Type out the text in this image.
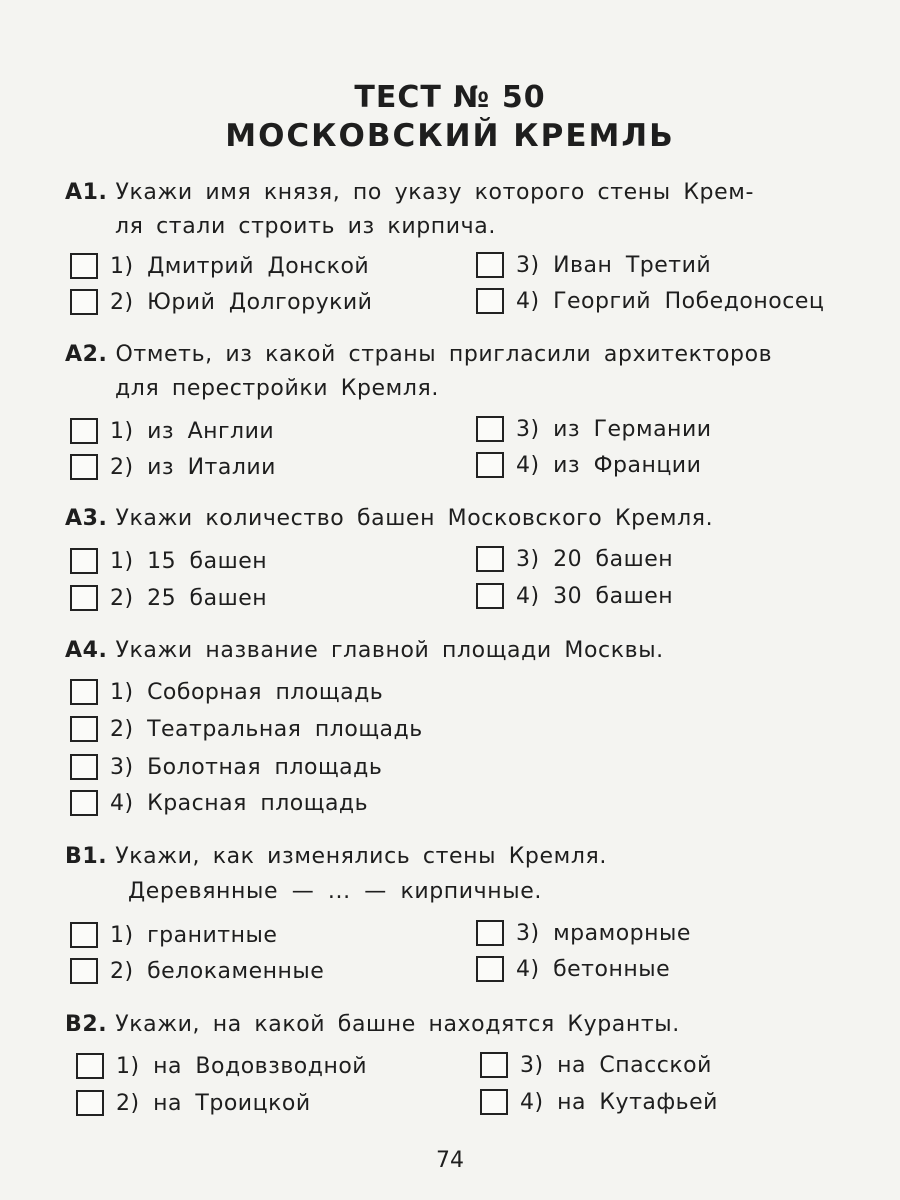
ТЕСТ № 50
МОСКОВСКИЙ КРЕМЛЬ
А1. Укажи имя князя, по указу которого стены Крем-
ля стали строить из кирпича.
1) Дмитрий Донской
2) Юрий Долгорукий
3) Иван Третий
4) Георгий Победоносец
А2. Отметь, из какой страны пригласили архитекторов
для перестройки Кремля.
1) из Англии
2) из Италии
3) из Германии
4) из Франции
А3. Укажи количество башен Московского Кремля.
1) 15 башен
2) 25 башен
3) 20 башен
4) 30 башен
А4. Укажи название главной площади Москвы.
1) Соборная площадь
2) Театральная площадь
3) Болотная площадь
4) Красная площадь
В1. Укажи, как изменялись стены Кремля.
Деревянные — ... — кирпичные.
1) гранитные
2) белокаменные
3) мраморные
4) бетонные
В2. Укажи, на какой башне находятся Куранты.
1) на Водовзводной
2) на Троицкой
3) на Спасской
4) на Кутафьей
74
